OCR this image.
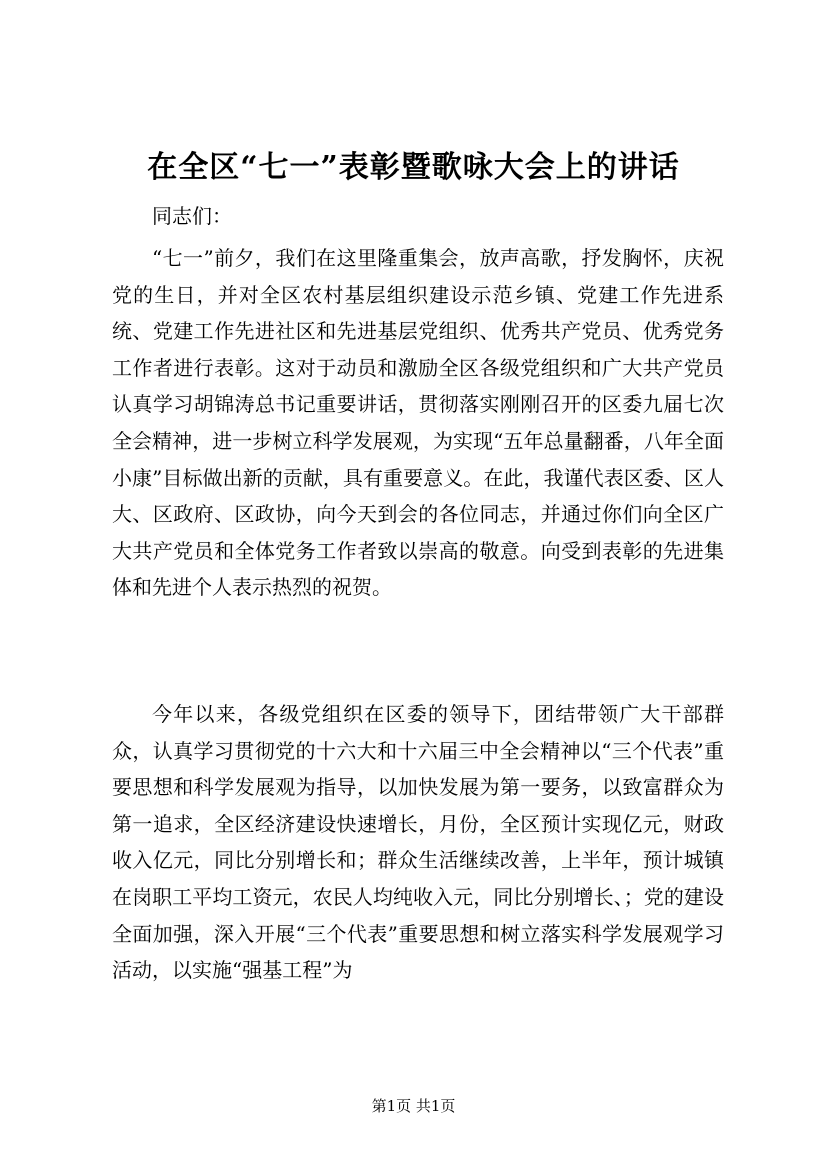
在全区“七一”表彰暨歌咏大会上的讲话
同志们：

“七一”前夕，我们在这里隆重集会，放声高歌，抒发胸怀，庆祝党的生日，并对全区农村基层组织建设示范乡镇、党建工作先进系统、党建工作先进社区和先进基层党组织、优秀共产党员、优秀党务工作者进行表彰。这对于动员和激励全区各级党组织和广大共产党员认真学习胡锦涛总书记重要讲话，贯彻落实刚刚召开的区委九届七次全会精神，进一步树立科学发展观，为实现“五年总量翻番，八年全面小康”目标做出新的贡献，具有重要意义。在此，我谨代表区委、区人大、区政府、区政协，向今天到会的各位同志，并通过你们向全区广大共产党员和全体党务工作者致以崇高的敬意。向受到表彰的先进集体和先进个人表示热烈的祝贺。

今年以来，各级党组织在区委的领导下，团结带领广大干部群众，认真学习贯彻党的十六大和十六届三中全会精神以“三个代表”重要思想和科学发展观为指导，以加快发展为第一要务，以致富群众为第一追求，全区经济建设快速增长，月份，全区预计实现亿元，财政收入亿元，同比分别增长和；群众生活继续改善，上半年，预计城镇在岗职工平均工资元，农民人均纯收入元，同比分别增长、；党的建设全面加强，深入开展“三个代表”重要思想和树立落实科学发展观学习活动，以实施“强基工程”为

第1页 共1页
